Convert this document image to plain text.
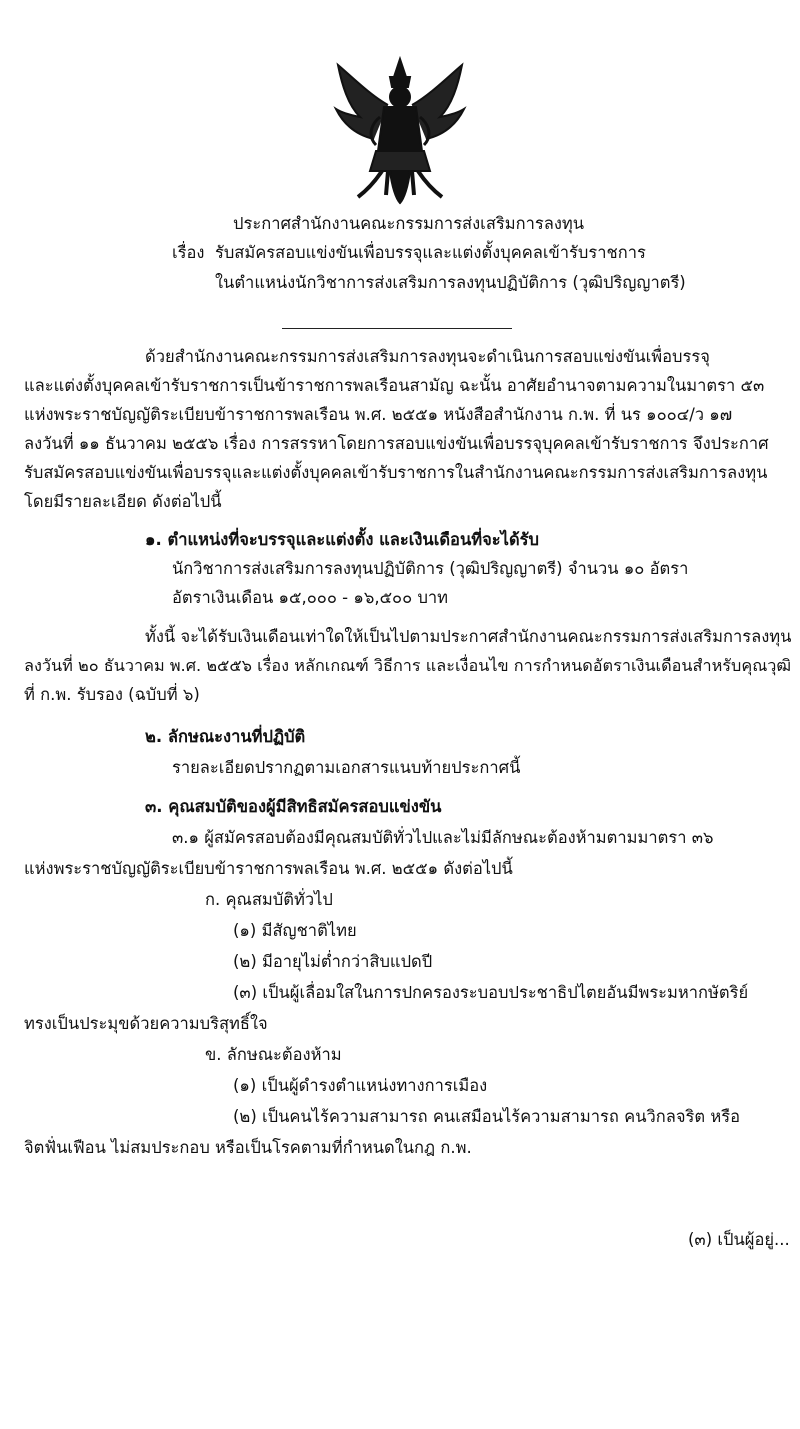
ประกาศสำนักงานคณะกรรมการส่งเสริมการลงทุน
เรื่อง รับสมัครสอบแข่งขันเพื่อบรรจุและแต่งตั้งบุคคลเข้ารับราชการ
ในตำแหน่งนักวิชาการส่งเสริมการลงทุนปฏิบัติการ (วุฒิปริญญาตรี)
ด้วยสำนักงานคณะกรรมการส่งเสริมการลงทุนจะดำเนินการสอบแข่งขันเพื่อบรรจุ
และแต่งตั้งบุคคลเข้ารับราชการเป็นข้าราชการพลเรือนสามัญ ฉะนั้น อาศัยอำนาจตามความในมาตรา ๕๓
แห่งพระราชบัญญัติระเบียบข้าราชการพลเรือน พ.ศ. ๒๕๕๑ หนังสือสำนักงาน ก.พ. ที่ นร ๑๐๐๔/ว ๑๗
ลงวันที่ ๑๑ ธันวาคม ๒๕๕๖ เรื่อง การสรรหาโดยการสอบแข่งขันเพื่อบรรจุบุคคลเข้ารับราชการ จึงประกาศ
รับสมัครสอบแข่งขันเพื่อบรรจุและแต่งตั้งบุคคลเข้ารับราชการในสำนักงานคณะกรรมการส่งเสริมการลงทุน
โดยมีรายละเอียด ดังต่อไปนี้
๑. ตำแหน่งที่จะบรรจุและแต่งตั้ง และเงินเดือนที่จะได้รับ
นักวิชาการส่งเสริมการลงทุนปฏิบัติการ (วุฒิปริญญาตรี) จำนวน ๑๐ อัตรา
อัตราเงินเดือน ๑๕,๐๐๐ - ๑๖,๕๐๐ บาท
ทั้งนี้ จะได้รับเงินเดือนเท่าใดให้เป็นไปตามประกาศสำนักงานคณะกรรมการส่งเสริมการลงทุน
ลงวันที่ ๒๐ ธันวาคม พ.ศ. ๒๕๕๖ เรื่อง หลักเกณฑ์ วิธีการ และเงื่อนไข การกำหนดอัตราเงินเดือนสำหรับคุณวุฒิ
ที่ ก.พ. รับรอง (ฉบับที่ ๖)
๒. ลักษณะงานที่ปฏิบัติ
รายละเอียดปรากฏตามเอกสารแนบท้ายประกาศนี้
๓. คุณสมบัติของผู้มีสิทธิสมัครสอบแข่งขัน
๓.๑ ผู้สมัครสอบต้องมีคุณสมบัติทั่วไปและไม่มีลักษณะต้องห้ามตามมาตรา ๓๖
แห่งพระราชบัญญัติระเบียบข้าราชการพลเรือน พ.ศ. ๒๕๕๑ ดังต่อไปนี้
ก. คุณสมบัติทั่วไป
(๑) มีสัญชาติไทย
(๒) มีอายุไม่ต่ำกว่าสิบแปดปี
(๓) เป็นผู้เลื่อมใสในการปกครองระบอบประชาธิปไตยอันมีพระมหากษัตริย์
ทรงเป็นประมุขด้วยความบริสุทธิ์ใจ
ข. ลักษณะต้องห้าม
(๑) เป็นผู้ดำรงตำแหน่งทางการเมือง
(๒) เป็นคนไร้ความสามารถ คนเสมือนไร้ความสามารถ คนวิกลจริต หรือ
จิตฟั่นเฟือน ไม่สมประกอบ หรือเป็นโรคตามที่กำหนดในกฎ ก.พ.
(๓) เป็นผู้อยู่...
